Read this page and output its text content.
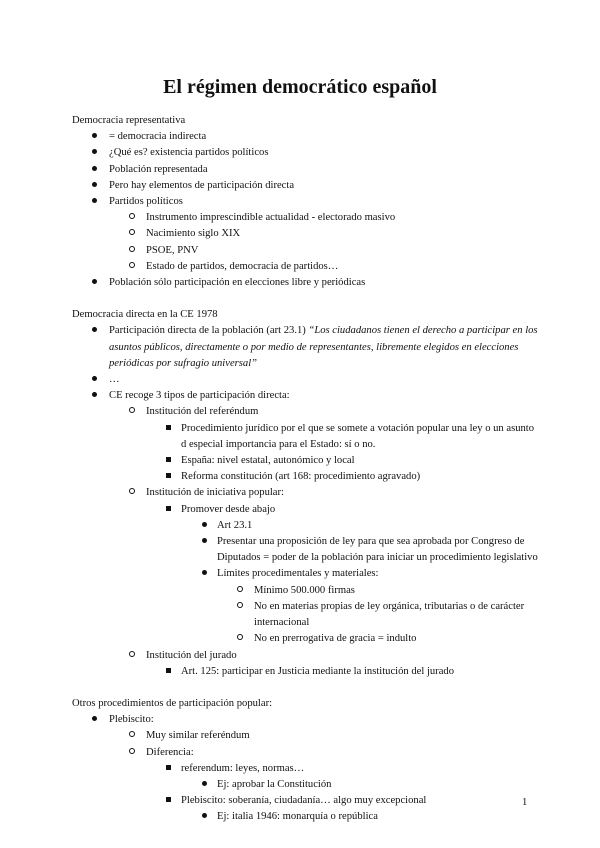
El régimen democrático español

Democracia representativa

= democracia indirecta
¿Qué es? existencia partidos políticos
Población representada
Pero hay elementos de participación directa
Partidos políticos
Instrumento imprescindible actualidad - electorado masivo
Nacimiento siglo XIX
PSOE, PNV
Estado de partidos, democracia de partidos…
Población sólo participación en elecciones libre y periódicas

Democracia directa en la CE 1978

Participación directa de la población (art 23.1) “Los ciudadanos tienen el derecho a participar en los asuntos públicos, directamente o por medio de representantes, libremente elegidos en elecciones periódicas por sufragio universal”
…
CE recoge 3 tipos de participación directa:
Institución del referéndum
Procedimiento jurídico por el que se somete a votación popular una ley o un asunto d especial importancia para el Estado: sí o no.
España: nivel estatal, autonómico y local
Reforma constitución (art 168: procedimiento agravado)
Institución de iniciativa popular:
Promover desde abajo
Art 23.1
Presentar una proposición de ley para que sea aprobada por Congreso de Diputados = poder de la población para iniciar un procedimiento legislativo
Límites procedimentales y materiales:
Mínimo 500.000 firmas
No en materias propias de ley orgánica, tributarias o de carácter internacional
No en prerrogativa de gracia = indulto
Institución del jurado
Art. 125: participar en Justicia mediante la institución del jurado

Otros procedimientos de participación popular:

Plebiscito:
Muy similar referéndum
Diferencia:
referendum: leyes, normas…
Ej: aprobar la Constitución
Plebiscito: soberanía, ciudadanía… algo muy excepcional
Ej: italia 1946: monarquía o república
1
